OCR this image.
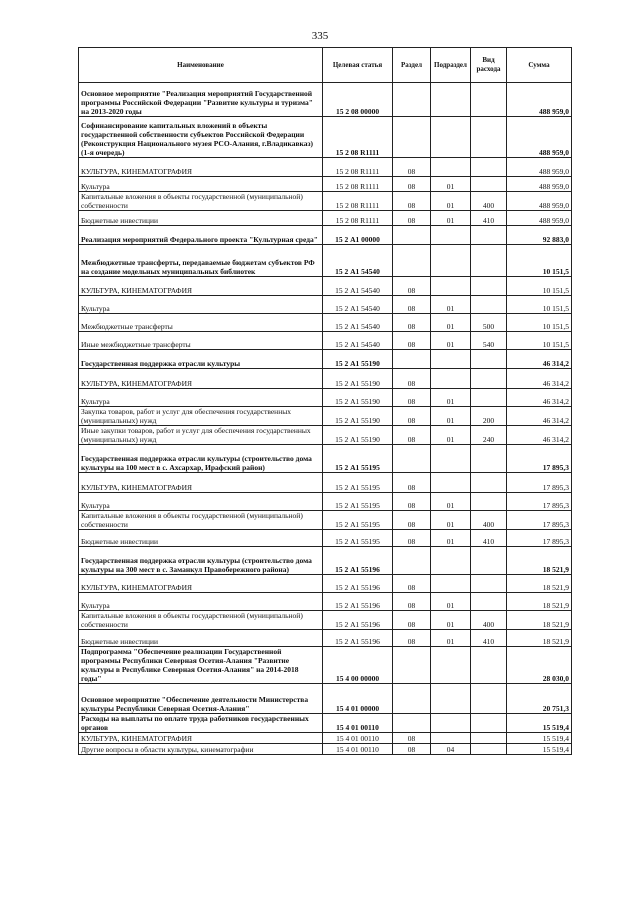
335
Наименование	Целевая статья	Раздел	Подраздел	Вид расхода	Сумма
Основное мероприятие "Реализация мероприятий Государственной программы Российской Федерации "Развитие культуры и туризма" на 2013-2020 годы	15 2 08 00000				488 959,0
Софинансирование капитальных вложений в объекты государственной собственности субъектов Российской Федерации (Реконструкция Национального музея РСО-Алания, г.Владикавказ)(1-я очередь)	15 2 08 R1111				488 959,0
КУЛЬТУРА, КИНЕМАТОГРАФИЯ	15 2 08 R1111	08			488 959,0
Культура	15 2 08 R1111	08	01		488 959,0
Капитальные вложения в объекты государственной (муниципальной) собственности	15 2 08 R1111	08	01	400	488 959,0
Бюджетные инвестиции	15 2 08 R1111	08	01	410	488 959,0
Реализация мероприятий Федерального проекта "Культурная среда"	15 2 А1 00000				92 883,0
Межбюджетные трансферты, передаваемые бюджетам субъектов РФ на создание модельных муниципальных библиотек	15 2 А1 54540				10 151,5
КУЛЬТУРА, КИНЕМАТОГРАФИЯ	15 2 А1 54540	08			10 151,5
Культура	15 2 А1 54540	08	01		10 151,5
Межбюджетные трансферты	15 2 А1 54540	08	01	500	10 151,5
Иные межбюджетные трансферты	15 2 А1 54540	08	01	540	10 151,5
Государственная поддержка отрасли культуры	15 2 А1 55190				46 314,2
КУЛЬТУРА, КИНЕМАТОГРАФИЯ	15 2 А1 55190	08			46 314,2
Культура	15 2 А1 55190	08	01		46 314,2
Закупка товаров, работ и услуг для обеспечения государственных (муниципальных) нужд	15 2 А1 55190	08	01	200	46 314,2
Иные закупки товаров, работ и услуг для обеспечения государственных (муниципальных) нужд	15 2 А1 55190	08	01	240	46 314,2
Государственная поддержка отрасли культуры (строительство дома культуры на 100 мест в с. Ахсархар, Ирафский район)	15 2 А1 55195				17 895,3
КУЛЬТУРА, КИНЕМАТОГРАФИЯ	15 2 А1 55195	08			17 895,3
Культура	15 2 А1 55195	08	01		17 895,3
Капитальные вложения в объекты государственной (муниципальной) собственности	15 2 А1 55195	08	01	400	17 895,3
Бюджетные инвестиции	15 2 А1 55195	08	01	410	17 895,3
Государственная поддержка отрасли культуры (строительство дома культуры на 300 мест в с. Заманкул Правобережного района)	15 2 А1 55196				18 521,9
КУЛЬТУРА, КИНЕМАТОГРАФИЯ	15 2 А1 55196	08			18 521,9
Культура	15 2 А1 55196	08	01		18 521,9
Капитальные вложения в объекты государственной (муниципальной) собственности	15 2 А1 55196	08	01	400	18 521,9
Бюджетные инвестиции	15 2 А1 55196	08	01	410	18 521,9
Подпрограмма "Обеспечение реализации Государственной программы Республики Северная Осетия-Алания "Развитие культуры в Республике Северная Осетия-Алания" на 2014-2018 годы"	15 4 00 00000				28 030,0
Основное мероприятие "Обеспечение деятельности Министерства культуры Республики Северная Осетия-Алания"	15 4 01 00000				20 751,3
Расходы на выплаты по оплате труда работников государственных органов	15 4 01 00110				15 519,4
КУЛЬТУРА, КИНЕМАТОГРАФИЯ	15 4 01 00110	08			15 519,4
Другие вопросы в области культуры, кинематографии	15 4 01 00110	08	04		15 519,4
